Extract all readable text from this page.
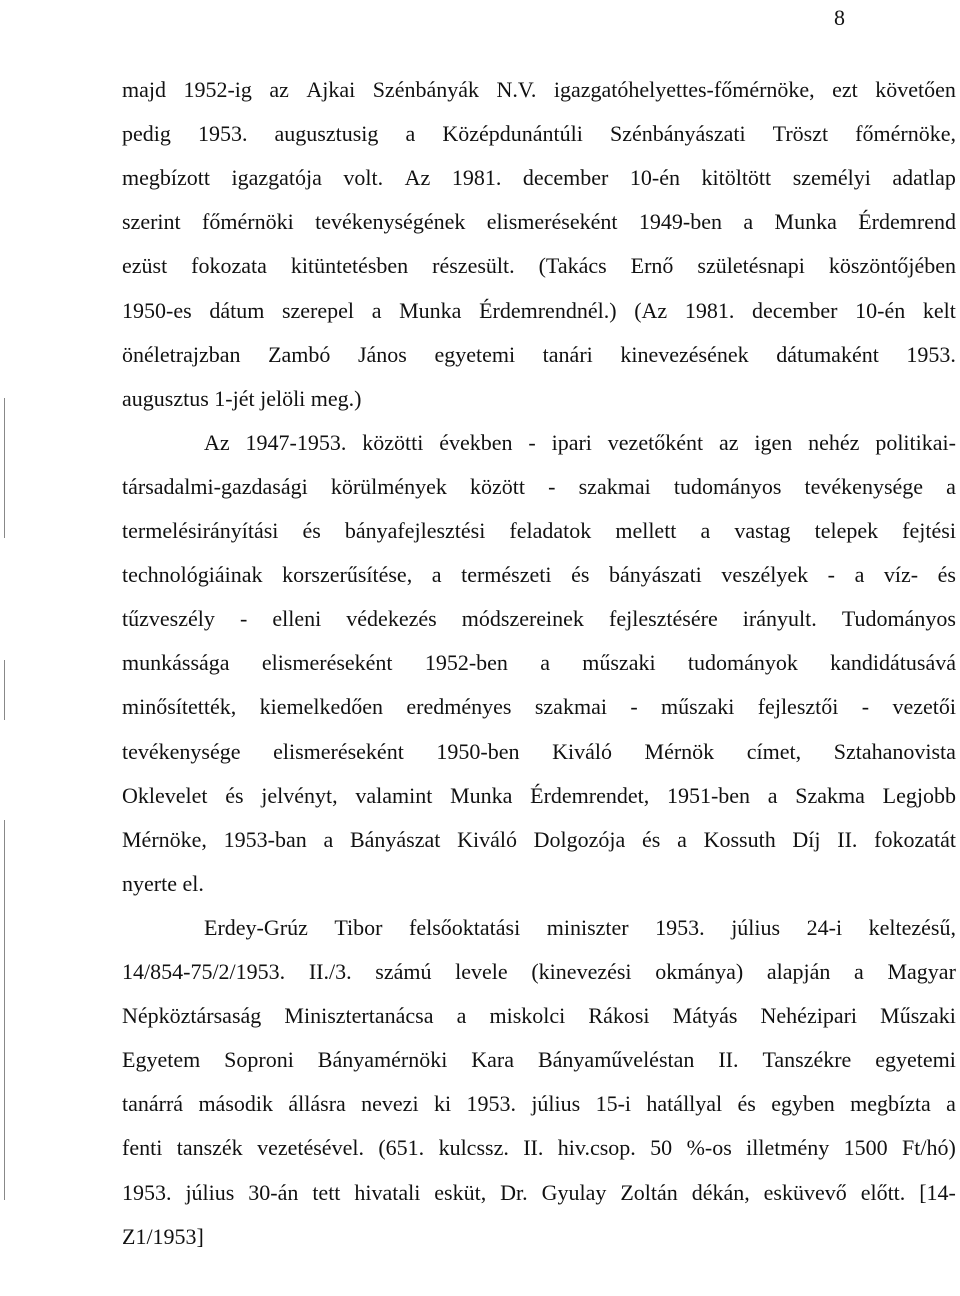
8
majd 1952-ig az Ajkai Szénbányák N.V. igazgatóhelyettes-főmérnöke, ezt követően
pedig 1953. augusztusig a Középdunántúli Szénbányászati Tröszt főmérnöke,
megbízott igazgatója volt. Az 1981. december 10-én kitöltött személyi adatlap
szerint főmérnöki tevékenységének elismeréseként 1949-ben a Munka Érdemrend
ezüst fokozata kitüntetésben részesült. (Takács Ernő születésnapi köszöntőjében
1950-es dátum szerepel a Munka Érdemrendnél.) (Az 1981. december 10-én kelt
önéletrajzban Zambó János egyetemi tanári kinevezésének dátumaként 1953.
augusztus 1-jét jelöli meg.)
Az 1947-1953. közötti években - ipari vezetőként az igen nehéz politikai-
társadalmi-gazdasági körülmények között - szakmai tudományos tevékenysége a
termelésirányítási és bányafejlesztési feladatok mellett a vastag telepek fejtési
technológiáinak korszerűsítése, a természeti és bányászati veszélyek - a víz- és
tűzveszély - elleni védekezés módszereinek fejlesztésére irányult. Tudományos
munkássága elismeréseként 1952-ben a műszaki tudományok kandidátusává
minősítették, kiemelkedően eredményes szakmai - műszaki fejlesztői - vezetői
tevékenysége elismeréseként 1950-ben Kiváló Mérnök címet, Sztahanovista
Oklevelet és jelvényt, valamint Munka Érdemrendet, 1951-ben a Szakma Legjobb
Mérnöke, 1953-ban a Bányászat Kiváló Dolgozója és a Kossuth Díj II. fokozatát
nyerte el.
Erdey-Grúz Tibor felsőoktatási miniszter 1953. július 24-i keltezésű,
14/854-75/2/1953. II./3. számú levele (kinevezési okmánya) alapján a Magyar
Népköztársaság Minisztertanácsa a miskolci Rákosi Mátyás Nehézipari Műszaki
Egyetem Soproni Bányamérnöki Kara Bányaműveléstan II. Tanszékre egyetemi
tanárrá második állásra nevezi ki 1953. július 15-i hatállyal és egyben megbízta a
fenti tanszék vezetésével. (651. kulcssz. II. hiv.csop. 50 %-os illetmény 1500 Ft/hó)
1953. július 30-án tett hivatali esküt, Dr. Gyulay Zoltán dékán, esküvevő előtt. [14-
Z1/1953]
